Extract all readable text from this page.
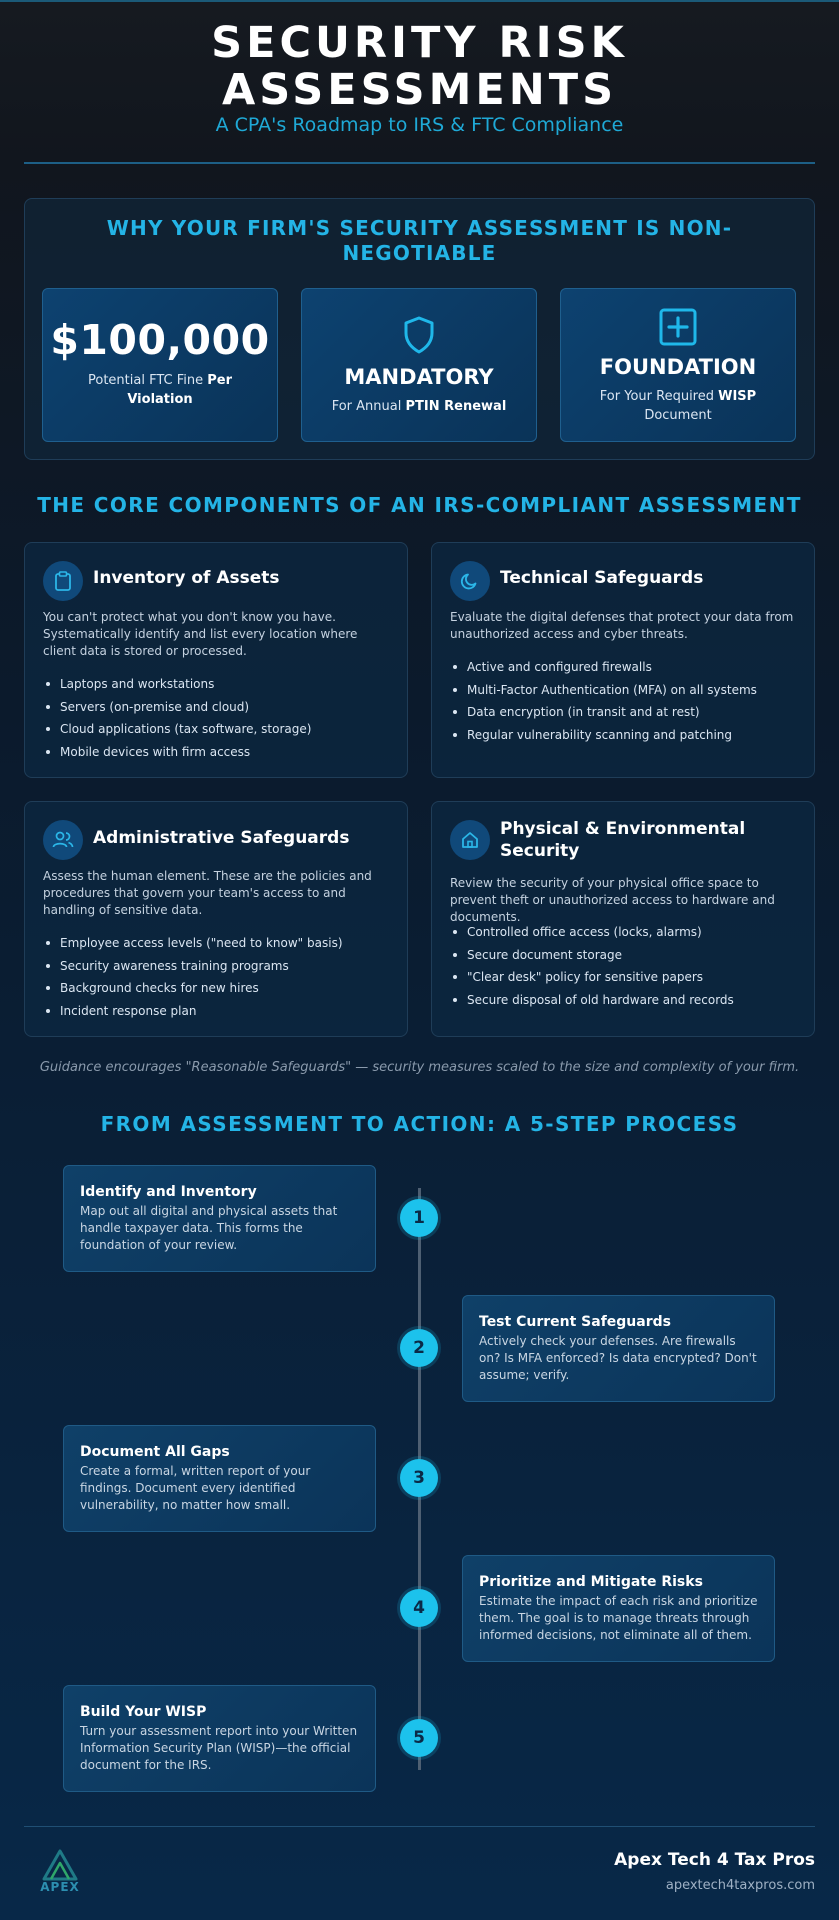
SECURITY RISK
ASSESSMENTS
A CPA's Roadmap to IRS & FTC Compliance
WHY YOUR FIRM'S SECURITY ASSESSMENT IS NON-NEGOTIABLE
$100,000
Potential FTC Fine Per Violation
MANDATORY
For Annual PTIN Renewal
FOUNDATION
For Your Required WISP Document
THE CORE COMPONENTS OF AN IRS-COMPLIANT ASSESSMENT
Inventory of Assets
You can't protect what you don't know you have. Systematically identify and list every location where client data is stored or processed.
Laptops and workstations
Servers (on-premise and cloud)
Cloud applications (tax software, storage)
Mobile devices with firm access
Technical Safeguards
Evaluate the digital defenses that protect your data from unauthorized access and cyber threats.
Active and configured firewalls
Multi-Factor Authentication (MFA) on all systems
Data encryption (in transit and at rest)
Regular vulnerability scanning and patching
Administrative Safeguards
Assess the human element. These are the policies and procedures that govern your team's access to and handling of sensitive data.
Employee access levels ("need to know" basis)
Security awareness training programs
Background checks for new hires
Incident response plan
Physical & Environmental Security
Review the security of your physical office space to prevent theft or unauthorized access to hardware and documents.
Controlled office access (locks, alarms)
Secure document storage
"Clear desk" policy for sensitive papers
Secure disposal of old hardware and records
Guidance encourages "Reasonable Safeguards" — security measures scaled to the size and complexity of your firm.
FROM ASSESSMENT TO ACTION: A 5-STEP PROCESS
Identify and Inventory
Map out all digital and physical assets that handle taxpayer data. This forms the foundation of your review.
1
Test Current Safeguards
Actively check your defenses. Are firewalls on? Is MFA enforced? Is data encrypted? Don't assume; verify.
2
Document All Gaps
Create a formal, written report of your findings. Document every identified vulnerability, no matter how small.
3
Prioritize and Mitigate Risks
Estimate the impact of each risk and prioritize them. The goal is to manage threats through informed decisions, not eliminate all of them.
4
Build Your WISP
Turn your assessment report into your Written Information Security Plan (WISP)—the official document for the IRS.
5
APEX
Apex Tech 4 Tax Pros
apextech4taxpros.com
